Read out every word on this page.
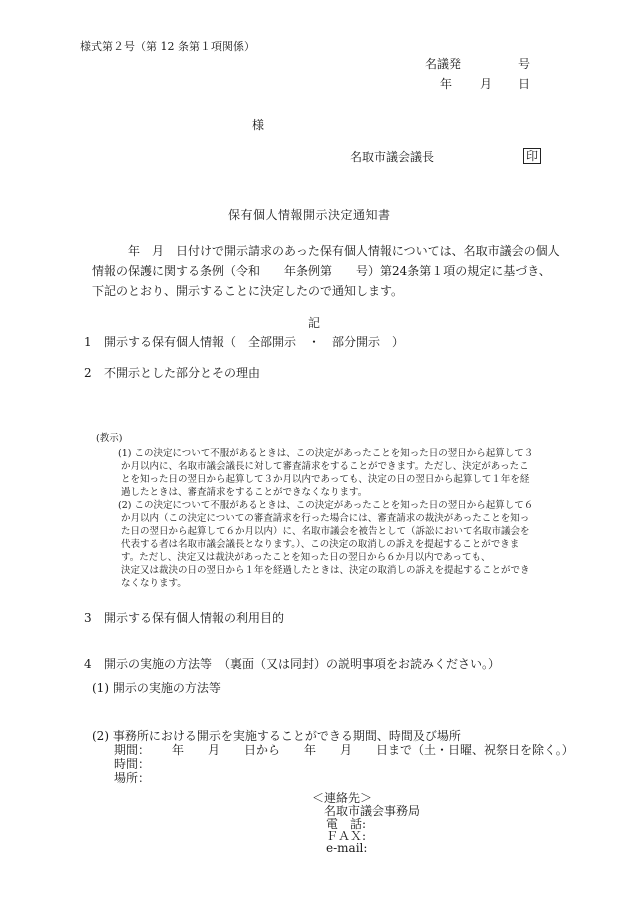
様式第２号（第 12 条第１項関係）
名議発	号
年 月 日
様
名取市議会議長	印
保有個人情報開示決定通知書
年　月　日付けで開示請求のあった保有個人情報については、名取市議会の個人
情報の保護に関する条例（令和　　年条例第　　号）第24条第１項の規定に基づき、
下記のとおり、開示することに決定したので通知します。
記
1 開示する保有個人情報（　全部開示　・　部分開示　）
2 不開示とした部分とその理由
(教示)
(1) この決定について不服があるときは、この決定があったことを知った日の翌日から起算して３
か月以内に、名取市議会議長に対して審査請求をすることができます。ただし、決定があったこ
とを知った日の翌日から起算して３か月以内であっても、決定の日の翌日から起算して１年を経
過したときは、審査請求をすることができなくなります。
(2) この決定について不服があるときは、この決定があったことを知った日の翌日から起算して６
か月以内（この決定についての審査請求を行った場合には、審査請求の裁決があったことを知っ
た日の翌日から起算して６か月以内）に、名取市議会を被告として（訴訟において名取市議会を
代表する者は名取市議会議長となります。）、この決定の取消しの訴えを提起することができま
す。ただし、決定又は裁決があったことを知った日の翌日から６か月以内であっても、
決定又は裁決の日の翌日から１年を経過したときは、決定の取消しの訴えを提起することができ
なくなります。
3 開示する保有個人情報の利用目的
4 開示の実施の方法等　（裏面（又は同封）の説明事項をお読みください。）
(1) 開示の実施の方法等
(2) 事務所における開示を実施することができる期間、時間及び場所
期間： 年　　月　　日から　　年　　月　　日まで（土・日曜、祝祭日を除く。）
時間：
場所：
＜連絡先＞
名取市議会事務局
電　話:
ＦＡＸ:
e-mail:
